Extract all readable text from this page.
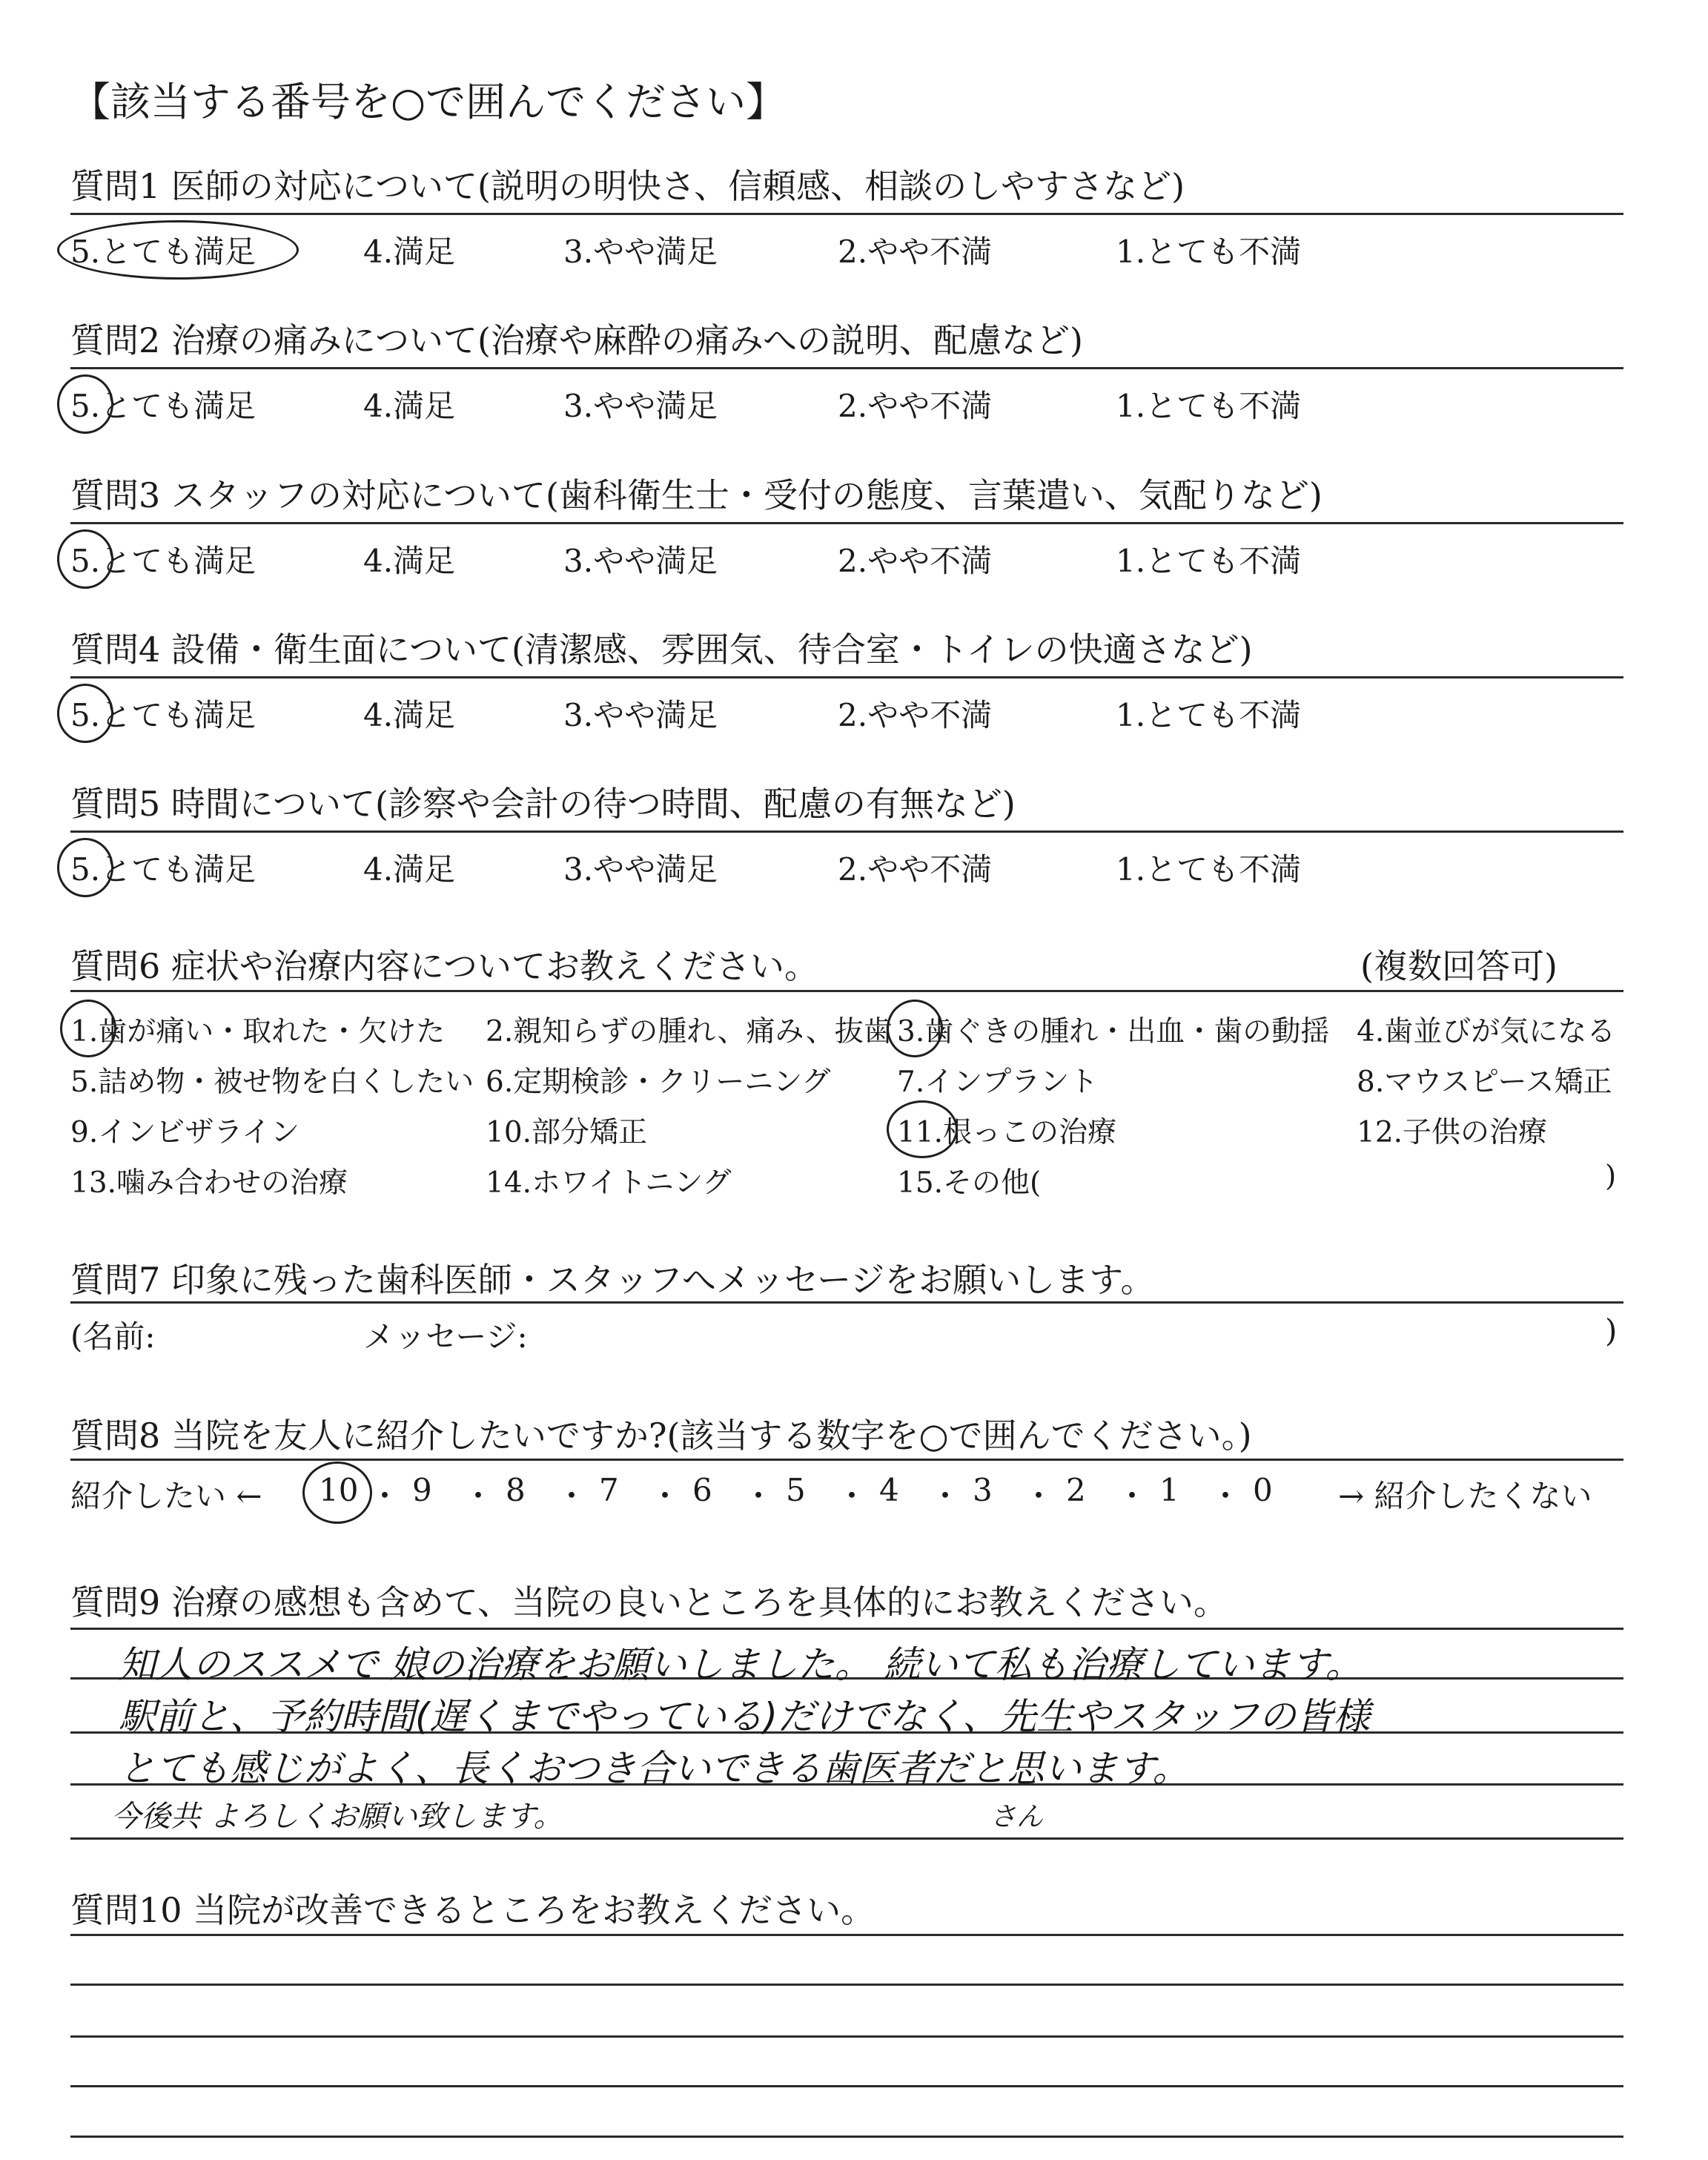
【該当する番号を○で囲んでください】
質問6 症状や治療内容についてお教えください。	(複数回答可)
質問7 印象に残った歯科医師・スタッフへメッセージをお願いします。
(名前:	メッセージ:	)
質問8 当院を友人に紹介したいですか?(該当する数字を○で囲んでください。)
紹介したい ←	→ 紹介したくない
質問9 治療の感想も含めて、当院の良いところを具体的にお教えください。
さん
質問10 当院が改善できるところをお教えください。
質問1 医師の対応について(説明の明快さ、信頼感、相談のしやすさなど)
5.とても満足	4.満足	3.やや満足	2.やや不満	1.とても不満
質問2 治療の痛みについて(治療や麻酔の痛みへの説明、配慮など)
5.とても満足	4.満足	3.やや満足	2.やや不満	1.とても不満
質問3 スタッフの対応について(歯科衛生士・受付の態度、言葉遣い、気配りなど)
5.とても満足	4.満足	3.やや満足	2.やや不満	1.とても不満
質問4 設備・衛生面について(清潔感、雰囲気、待合室・トイレの快適さなど)
5.とても満足	4.満足	3.やや満足	2.やや不満	1.とても不満
質問5 時間について(診察や会計の待つ時間、配慮の有無など)
5.とても満足	4.満足	3.やや満足	2.やや不満	1.とても不満
1.歯が痛い・取れた・欠けた 2.親知らずの腫れ、痛み、抜歯 3.歯ぐきの腫れ・出血・歯の動揺 4.歯並びが気になる
5.詰め物・被せ物を白くしたい 6.定期検診・クリーニング 7.インプラント	8.マウスピース矯正
9.インビザライン	10.部分矯正	11.根っこの治療	12.子供の治療
13.噛み合わせの治療	14.ホワイトニング	15.その他(	)
10 ・ 9 ・ 8 ・ 7 ・ 6 ・ 5 ・ 4 ・ 3 ・ 2 ・ 1 ・ 0
知人のススメで 娘の治療をお願いしました。 続いて私も治療しています。
駅前と、予約時間(遅くまでやっている)だけでなく、先生やスタッフの皆様
とても感じがよく、長くおつき合いできる歯医者だと思います。
今後共 よろしくお願い致します。
